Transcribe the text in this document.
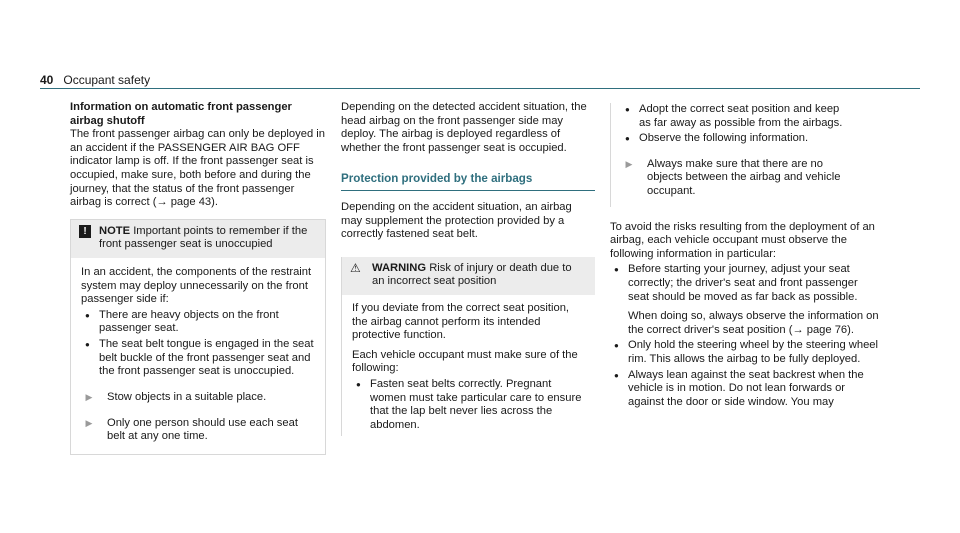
40 Occupant safety

Information on automatic front passenger airbag shutoff

The front passenger airbag can only be deployed in an accident if the PASSENGER AIR BAG OFF indicator lamp is off. If the front passenger seat is occupied, make sure, both before and during the journey, that the status of the front passenger airbag is correct (→ page 43).

!	NOTE Important points to remember if the front passenger seat is unoccupied

In an accident, the components of the restraint system may deploy unnecessarily on the front passenger side if:

● There are heavy objects on the front passenger seat.
● The seat belt tongue is engaged in the seat belt buckle of the front passenger seat and the front passenger seat is unoccupied.
▶	Stow objects in a suitable place.
▶	Only one person should use each seat belt at any one time.

Depending on the detected accident situation, the head airbag on the front passenger side may deploy. The airbag is deployed regardless of whether the front passenger seat is occupied.

Protection provided by the airbags

Depending on the accident situation, an airbag may supplement the protection provided by a correctly fastened seat belt.

⚠ WARNING Risk of injury or death due to an incorrect seat position

If you deviate from the correct seat position, the airbag cannot perform its intended protective function.

Each vehicle occupant must make sure of the following:

● Fasten seat belts correctly. Pregnant women must take particular care to ensure that the lap belt never lies across the abdomen.
● Adopt the correct seat position and keep as far away as possible from the airbags.
● Observe the following information.
▶	Always make sure that there are no objects between the airbag and vehicle occupant.

To avoid the risks resulting from the deployment of an airbag, each vehicle occupant must observe the following information in particular:

● Before starting your journey, adjust your seat correctly; the driver's seat and front passenger seat should be moved as far back as possible.

When doing so, always observe the information on the correct driver's seat position (→ page 76).

● Only hold the steering wheel by the steering wheel rim. This allows the airbag to be fully deployed.
● Always lean against the seat backrest when the vehicle is in motion. Do not lean forwards or against the door or side window. You may
